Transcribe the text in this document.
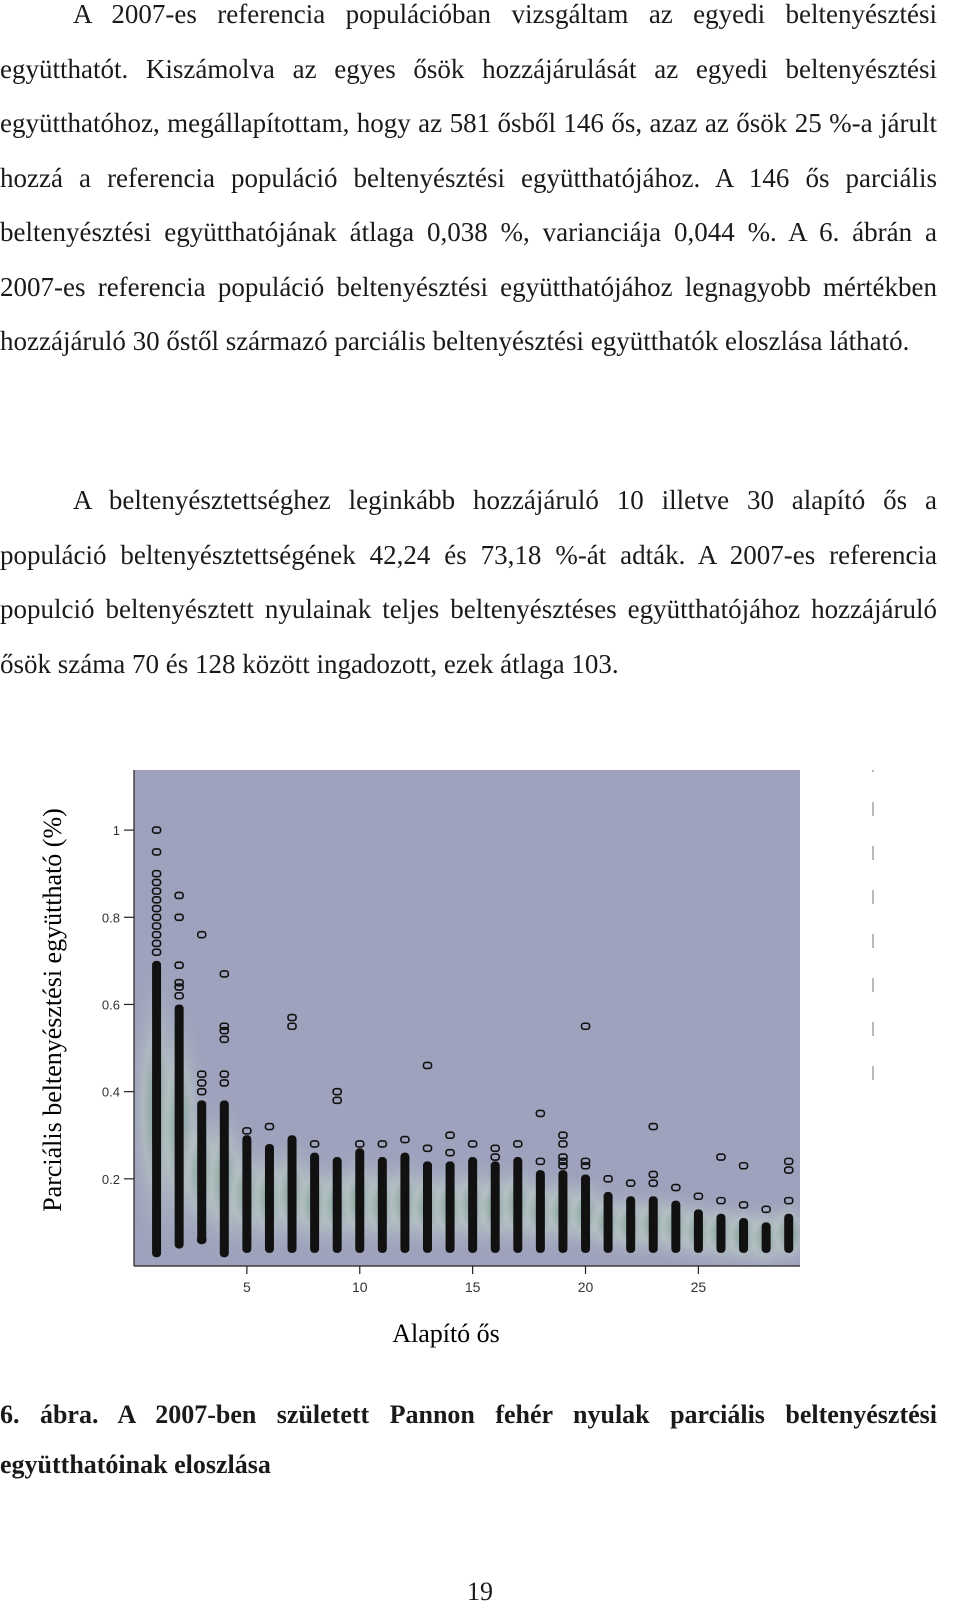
A 2007-es referencia populációban vizsgáltam az egyedi beltenyésztési együtthatót. Kiszámolva az egyes ősök hozzájárulását az egyedi beltenyésztési együtthatóhoz, megállapítottam, hogy az 581 ősből 146 ős, azaz az ősök 25 %-a járult hozzá a referencia populáció beltenyésztési együtthatójához. A 146 ős parciális beltenyésztési együtthatójának átlaga 0,038 %, varianciája 0,044 %. A 6. ábrán a 2007-es referencia populáció beltenyésztési együtthatójához legnagyobb mértékben hozzájáruló 30 őstől származó parciális beltenyésztési együtthatók eloszlása látható.

A beltenyésztettséghez leginkább hozzájáruló 10 illetve 30 alapító ős a populáció beltenyésztettségének 42,24 és 73,18 %-át adták. A 2007-es referencia populció beltenyésztett nyulainak teljes beltenyésztéses együtthatójához hozzájáruló ősök száma 70 és 128 között ingadozott, ezek átlaga 103.

0.2
0.4
0.6
0.8
1
5	10	15	20	25
Alapító ős
Parciális beltenyésztési együttható (%)

6. ábra. A 2007-ben született Pannon fehér nyulak parciális beltenyésztési együtthatóinak eloszlása

19
